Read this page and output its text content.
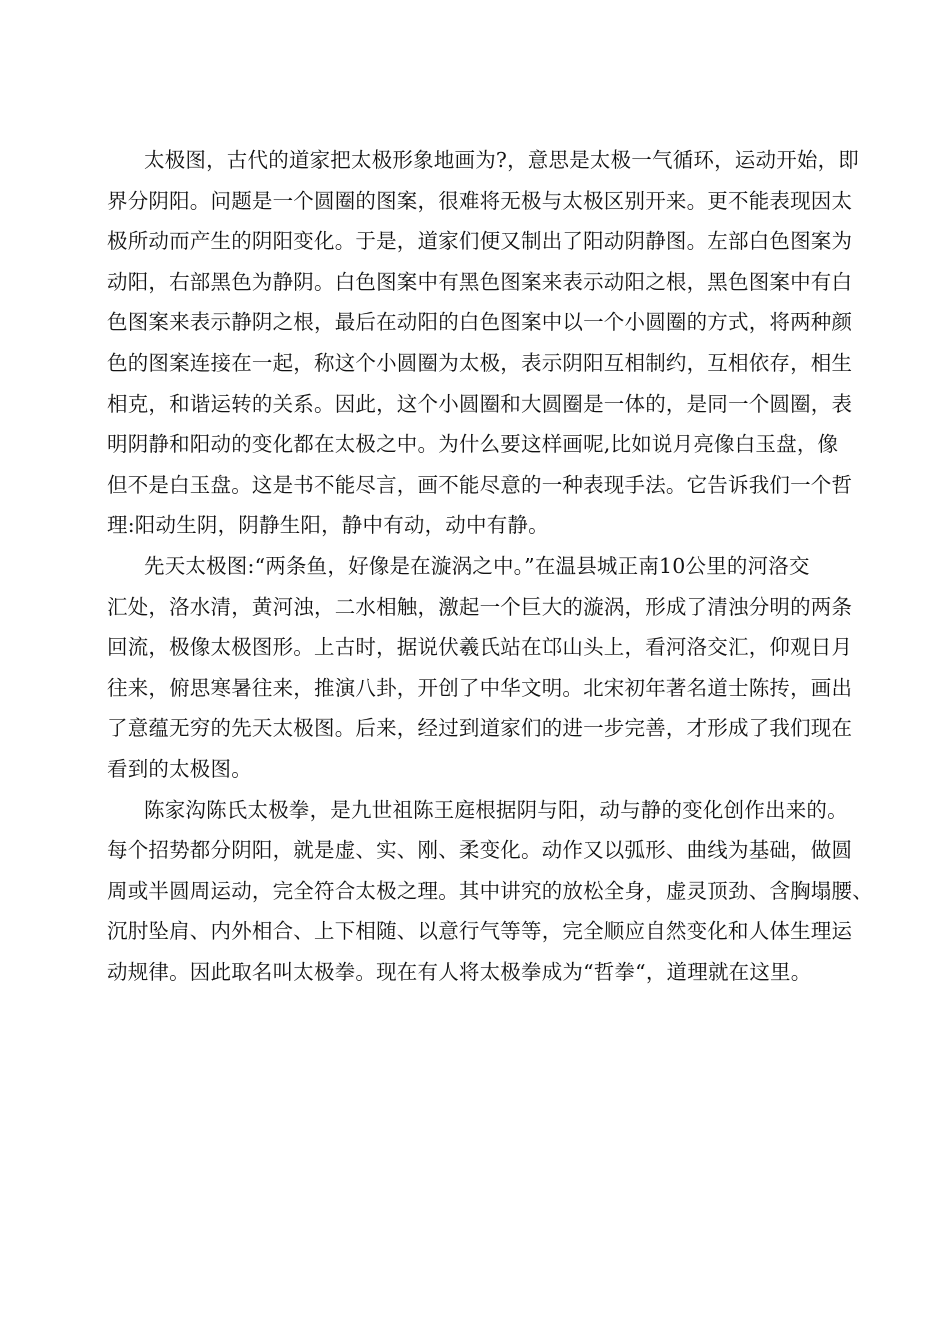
太极图，古代的道家把太极形象地画为?，意思是太极一气循环，运动开始，即
界分阴阳。问题是一个圆圈的图案，很难将无极与太极区别开来。更不能表现因太
极所动而产生的阴阳变化。于是，道家们便又制出了阳动阴静图。左部白色图案为
动阳，右部黑色为静阴。白色图案中有黑色图案来表示动阳之根，黑色图案中有白
色图案来表示静阴之根，最后在动阳的白色图案中以一个小圆圈的方式，将两种颜
色的图案连接在一起，称这个小圆圈为太极，表示阴阳互相制约，互相依存，相生
相克，和谐运转的关系。因此，这个小圆圈和大圆圈是一体的，是同一个圆圈，表
明阴静和阳动的变化都在太极之中。为什么要这样画呢,比如说月亮像白玉盘，像
但不是白玉盘。这是书不能尽言，画不能尽意的一种表现手法。它告诉我们一个哲
理:阳动生阴，阴静生阳，静中有动，动中有静。
先天太极图:“两条鱼，好像是在漩涡之中。”在温县城正南10公里的河洛交
汇处，洛水清，黄河浊，二水相触，激起一个巨大的漩涡，形成了清浊分明的两条
回流，极像太极图形。上古时，据说伏羲氏站在邙山头上，看河洛交汇，仰观日月
往来，俯思寒暑往来，推演八卦，开创了中华文明。北宋初年著名道士陈抟，画出
了意蕴无穷的先天太极图。后来，经过到道家们的进一步完善，才形成了我们现在
看到的太极图。
陈家沟陈氏太极拳，是九世祖陈王庭根据阴与阳，动与静的变化创作出来的。
每个招势都分阴阳，就是虚、实、刚、柔变化。动作又以弧形、曲线为基础，做圆
周或半圆周运动，完全符合太极之理。其中讲究的放松全身，虚灵顶劲、含胸塌腰、
沉肘坠肩、内外相合、上下相随、以意行气等等，完全顺应自然变化和人体生理运
动规律。因此取名叫太极拳。现在有人将太极拳成为“哲拳“，道理就在这里。
